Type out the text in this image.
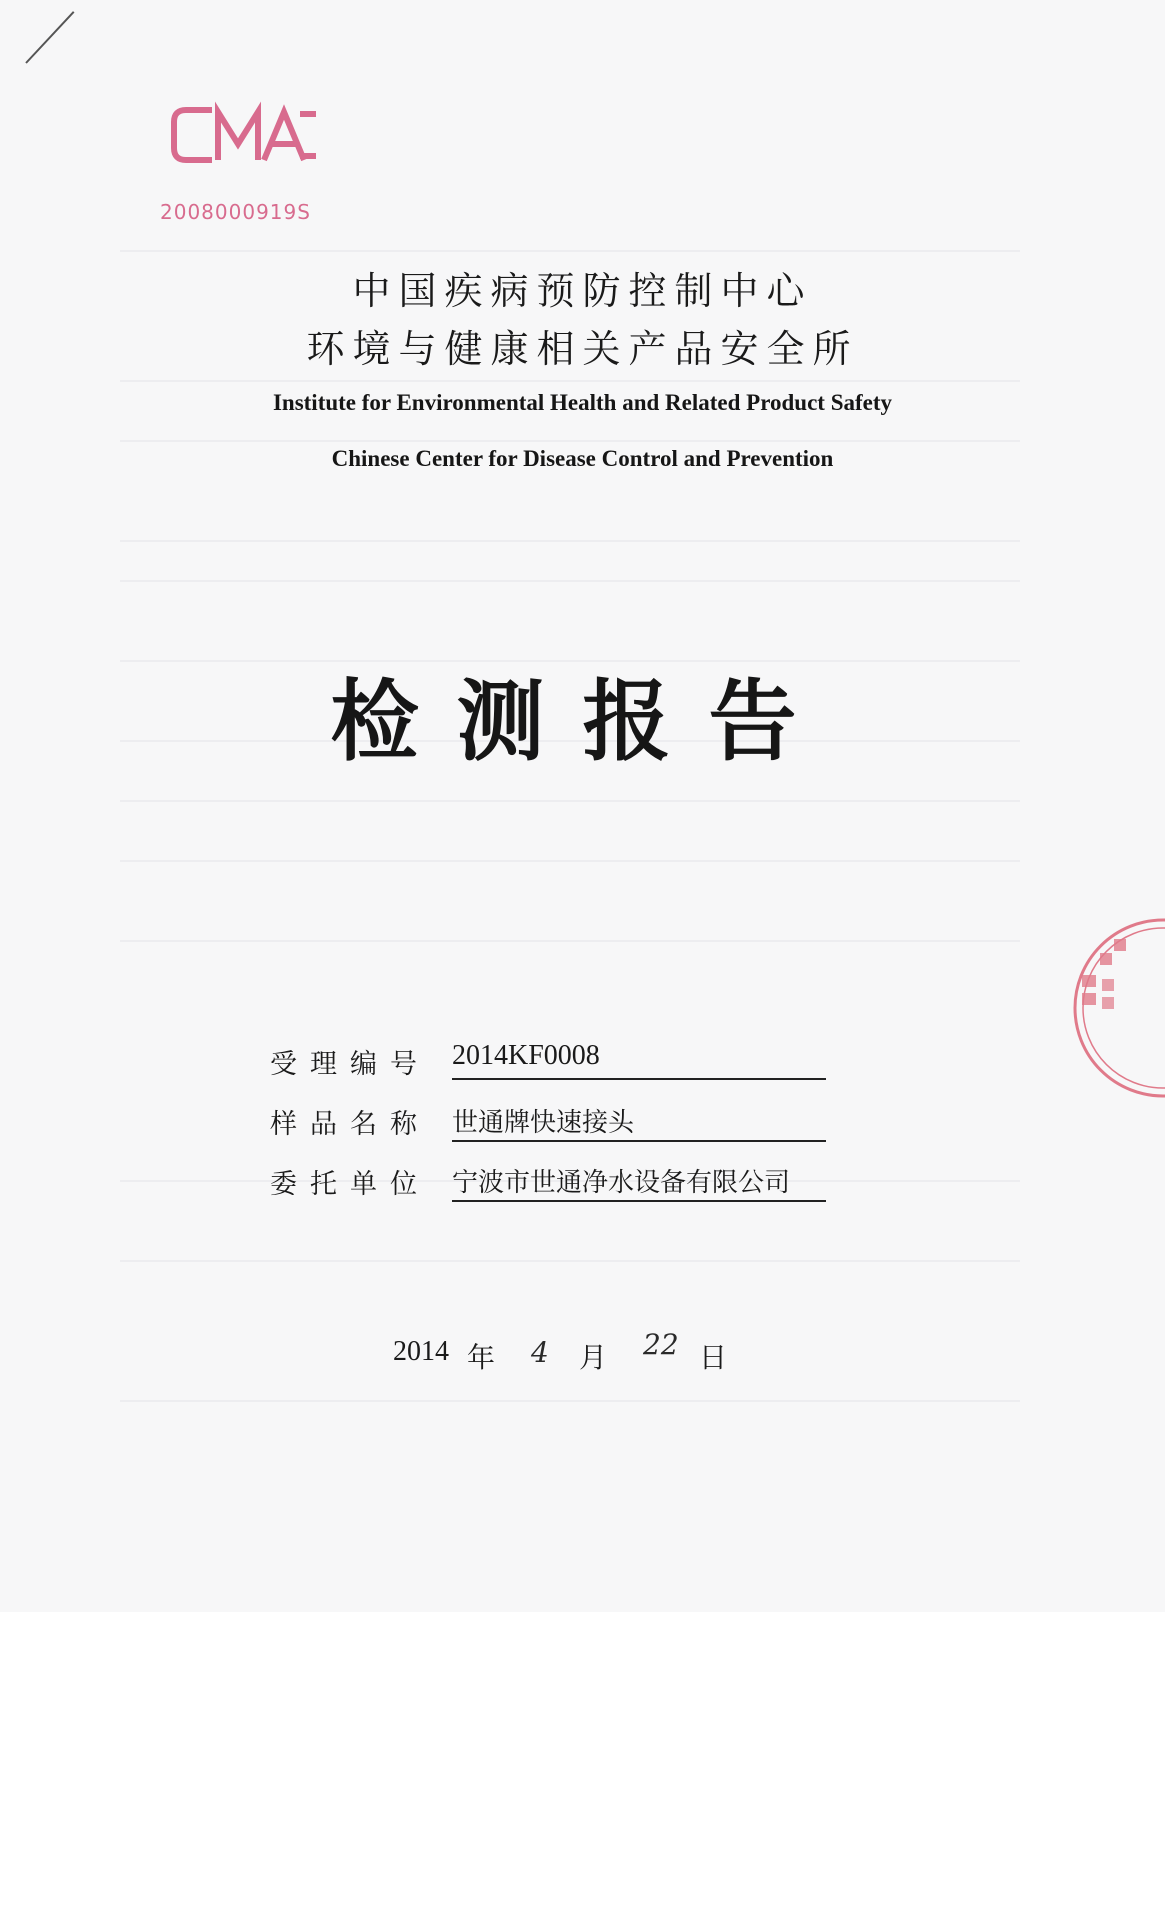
2008000919S
中国疾病预防控制中心
环境与健康相关产品安全所
Institute for Environmental Health and Related Product Safety
Chinese Center for Disease Control and Prevention
检测报告
受理编号 2014KF0008
样品名称 世通牌快速接头
委托单位 宁波市世通净水设备有限公司
2014 年 4 月 22 日
